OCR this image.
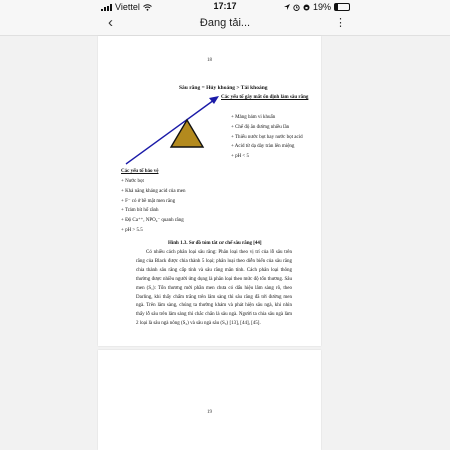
Viettel	17:17	19%
‹	Đang tải...	⋮
18
Sâu răng = Hủy khoáng > Tái khoáng
Các yếu tố gây mất ổn định làm sâu răng
+ Mảng bám vi khuẩn
+ Chế độ ăn đường nhiều lần
+ Thiếu nước bọt hay nước bọt acid
+ Acid từ dạ dày tràn lên miệng
+ pH < 5
Các yếu tố bảo vệ
+ Nước bọt
+ Khả năng kháng acid của men
+ F⁻ có ở bề mặt men răng
+ Trám bít hố rãnh
+ Độ Ca⁺⁺, NPO₄⁻ quanh răng
+ pH > 5.5
Hình 1.3. Sơ đồ tóm tắt cơ chế sâu răng [44]
Có nhiều cách phân loại sâu răng: Phân loại theo vị trí của lỗ sâu trên răng của Black được chia thành 5 loại; phân loại theo diễn biến của sâu răng chia thành sâu răng cấp tính và sâu răng mãn tính. Cách phân loại thông thường được nhiều người ứng dụng là phân loại theo mức độ tổn thương. Sâu men (S₁): Tổn thương mới phần men chưa có dấu hiệu lâm sàng rõ, theo Darling, khi thấy chấm trắng trên lâm sàng thì sâu răng đã tới đường men ngà. Trên lâm sàng, chúng ta thường khám và phát hiện sâu ngà, khi nhìn thấy lỗ sâu trên lâm sàng thì chắc chắn là sâu ngà. Người ta chia sâu ngà làm 2 loại là sâu ngà nông (S₂) và sâu ngà sâu (S₃) [13], [44], [45].
19
